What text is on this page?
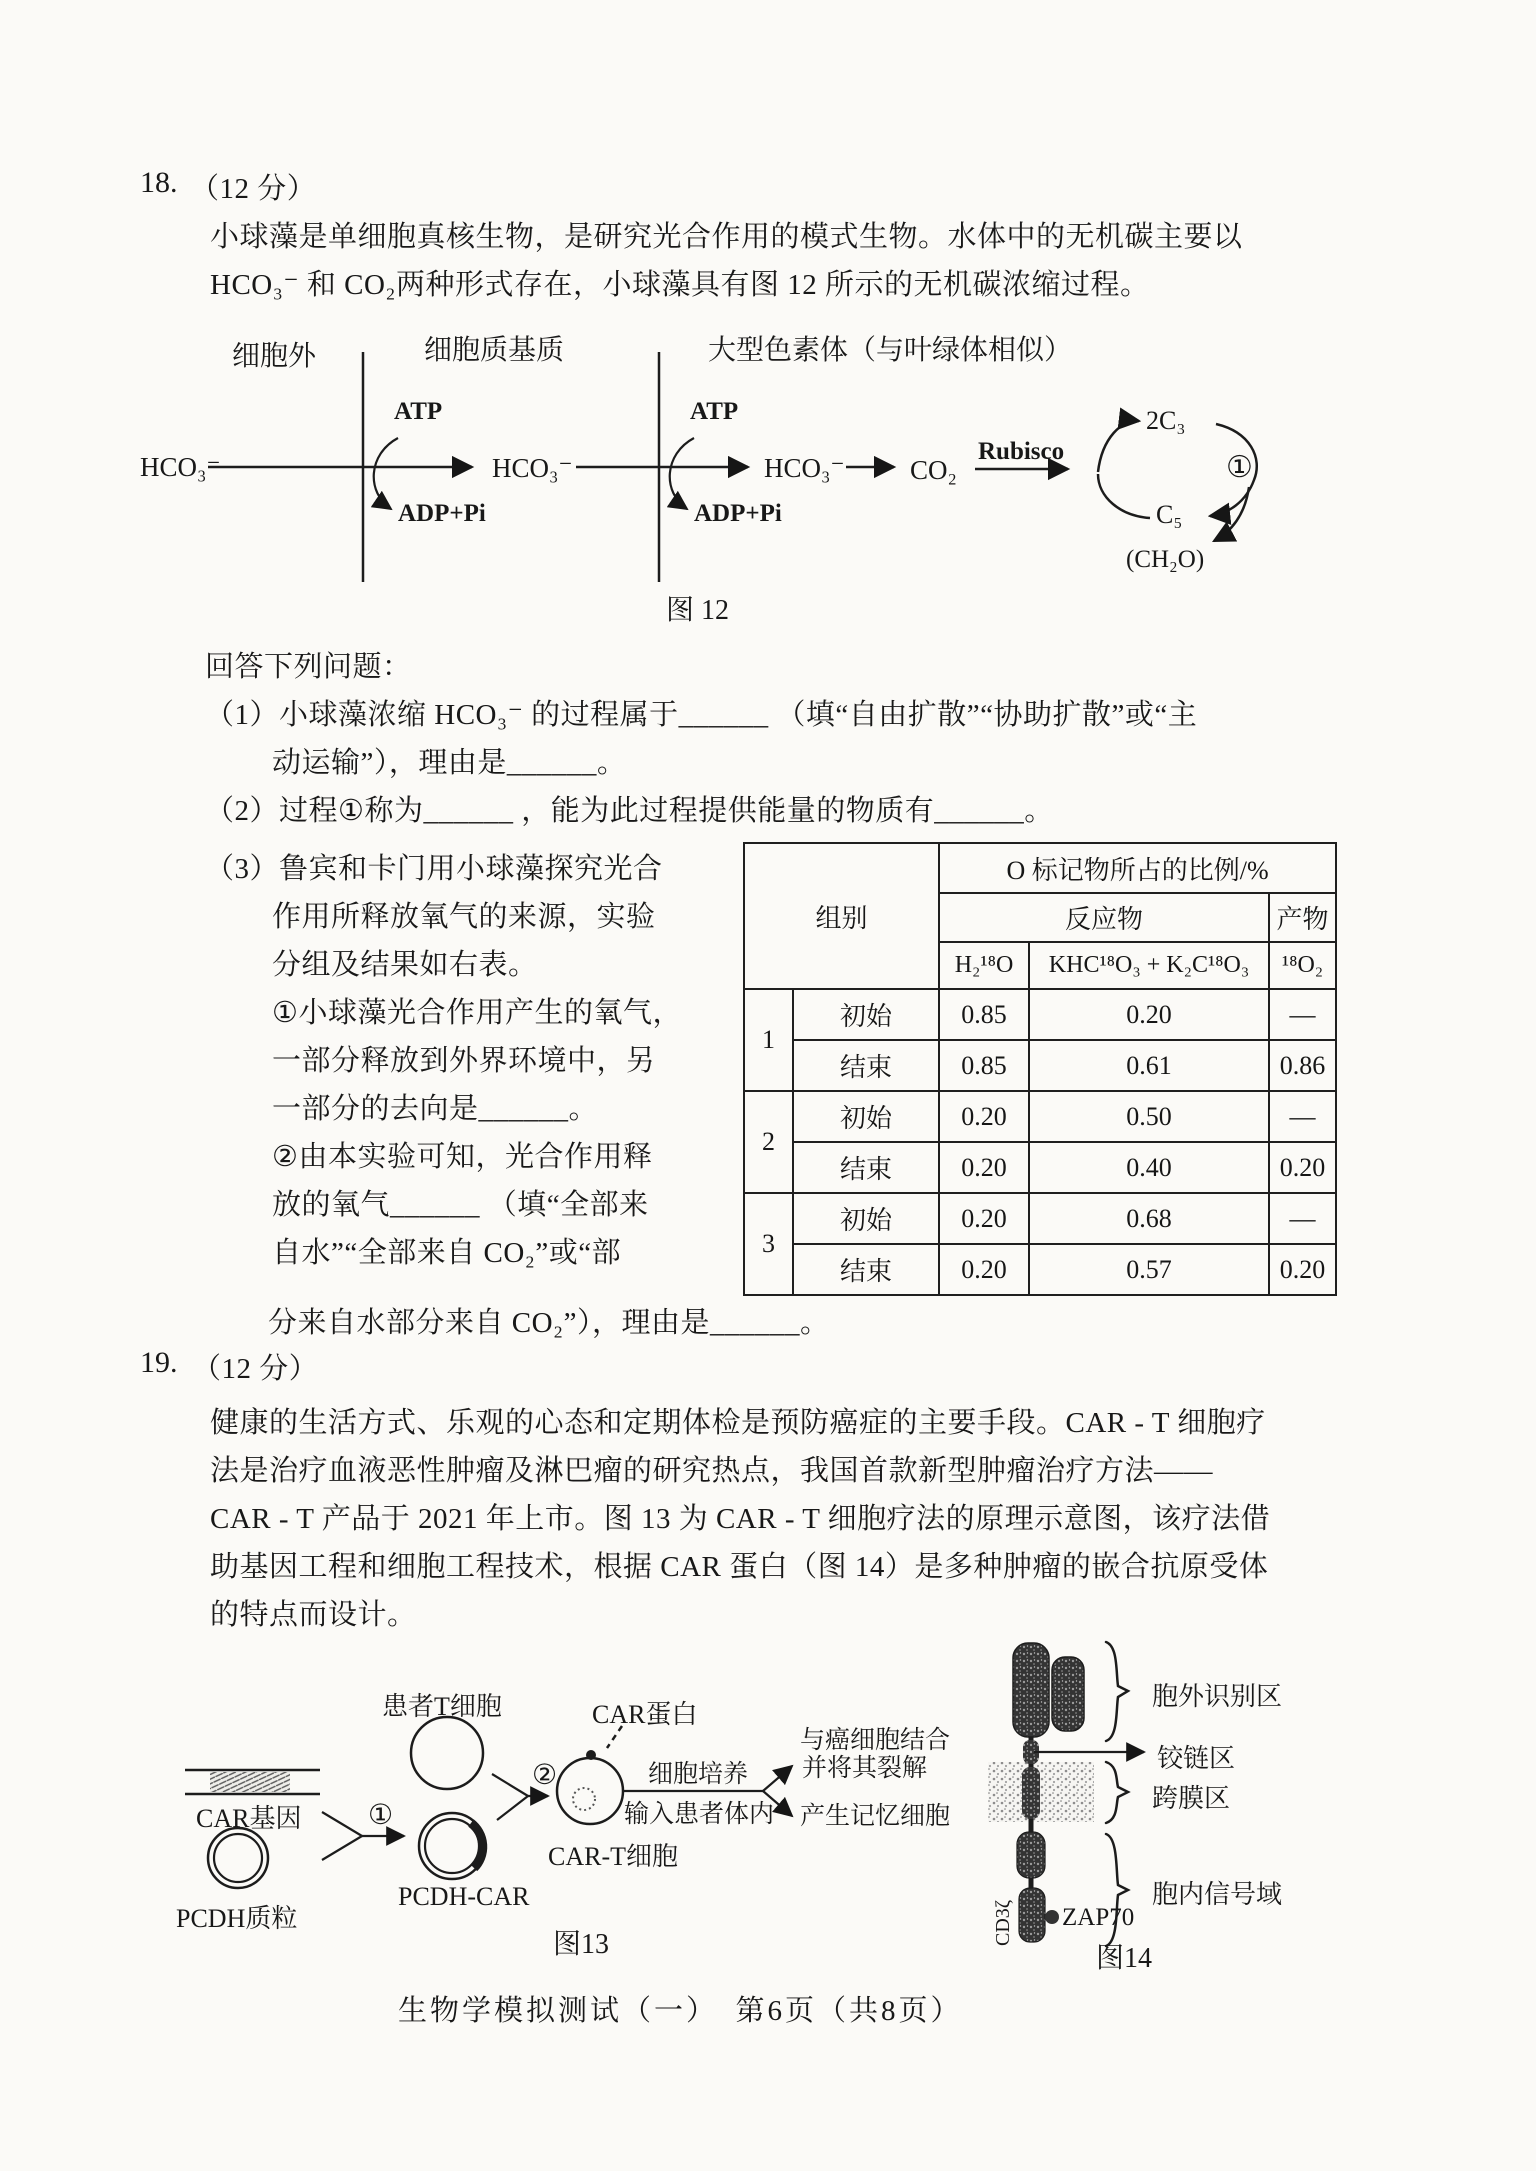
18. （12 分）
小球藻是单细胞真核生物，是研究光合作用的模式生物。水体中的无机碳主要以
HCO₃⁻ 和 CO₂两种形式存在，小球藻具有图 12 所示的无机碳浓缩过程。
细胞外	细胞质基质	大型色素体（与叶绿体相似）
ATP	ATP
ADP+Pi	ADP+Pi
HCO₃⁻	HCO₃⁻	HCO₃⁻ CO₂
Rubisco
2C₃
①
C₅
(CH₂O)
图 12
回答下列问题：
（1）小球藻浓缩 HCO₃⁻ 的过程属于______ （填“自由扩散”“协助扩散”或“主
动运输”），理由是______。
（2）过程①称为______ ，能为此过程提供能量的物质有______。
（3）鲁宾和卡门用小球藻探究光合
作用所释放氧气的来源，实验
分组及结果如右表。
①小球藻光合作用产生的氧气，
一部分释放到外界环境中，另
一部分的去向是______。
②由本实验可知，光合作用释
放的氧气______ （填“全部来
自水”“全部来自 CO₂”或“部
分来自水部分来自 CO₂”），理由是______。
组别		O 标记物所占的比例/%		
		反应物		产物
		H₂¹⁸O	KHC¹⁸O₃ + K₂C¹⁸O₃	¹⁸O₂
1	初始	0.85	0.20	—
	结束	0.85	0.61	0.86
2	初始	0.20	0.50	—
	结束	0.20	0.40	0.20
3	初始	0.20	0.68	—
	结束	0.20	0.57	0.20
19. （12 分）
健康的生活方式、乐观的心态和定期体检是预防癌症的主要手段。CAR - T 细胞疗
法是治疗血液恶性肿瘤及淋巴瘤的研究热点，我国首款新型肿瘤治疗方法——
CAR - T 产品于 2021 年上市。图 13 为 CAR - T 细胞疗法的原理示意图，该疗法借
助基因工程和细胞工程技术，根据 CAR 蛋白（图 14）是多种肿瘤的嵌合抗原受体
的特点而设计。
患者T细胞	CAR蛋白
CAR基因
PCDH质粒
①
PCDH-CAR
②
CAR-T细胞
细胞培养
输入患者体内
与癌细胞结合
并将其裂解
产生记忆细胞
图13
胞外识别区
铰链区
跨膜区
胞内信号域
CD3ζ ZAP70
图14
生物学模拟测试（一）　第6页（共8页）
